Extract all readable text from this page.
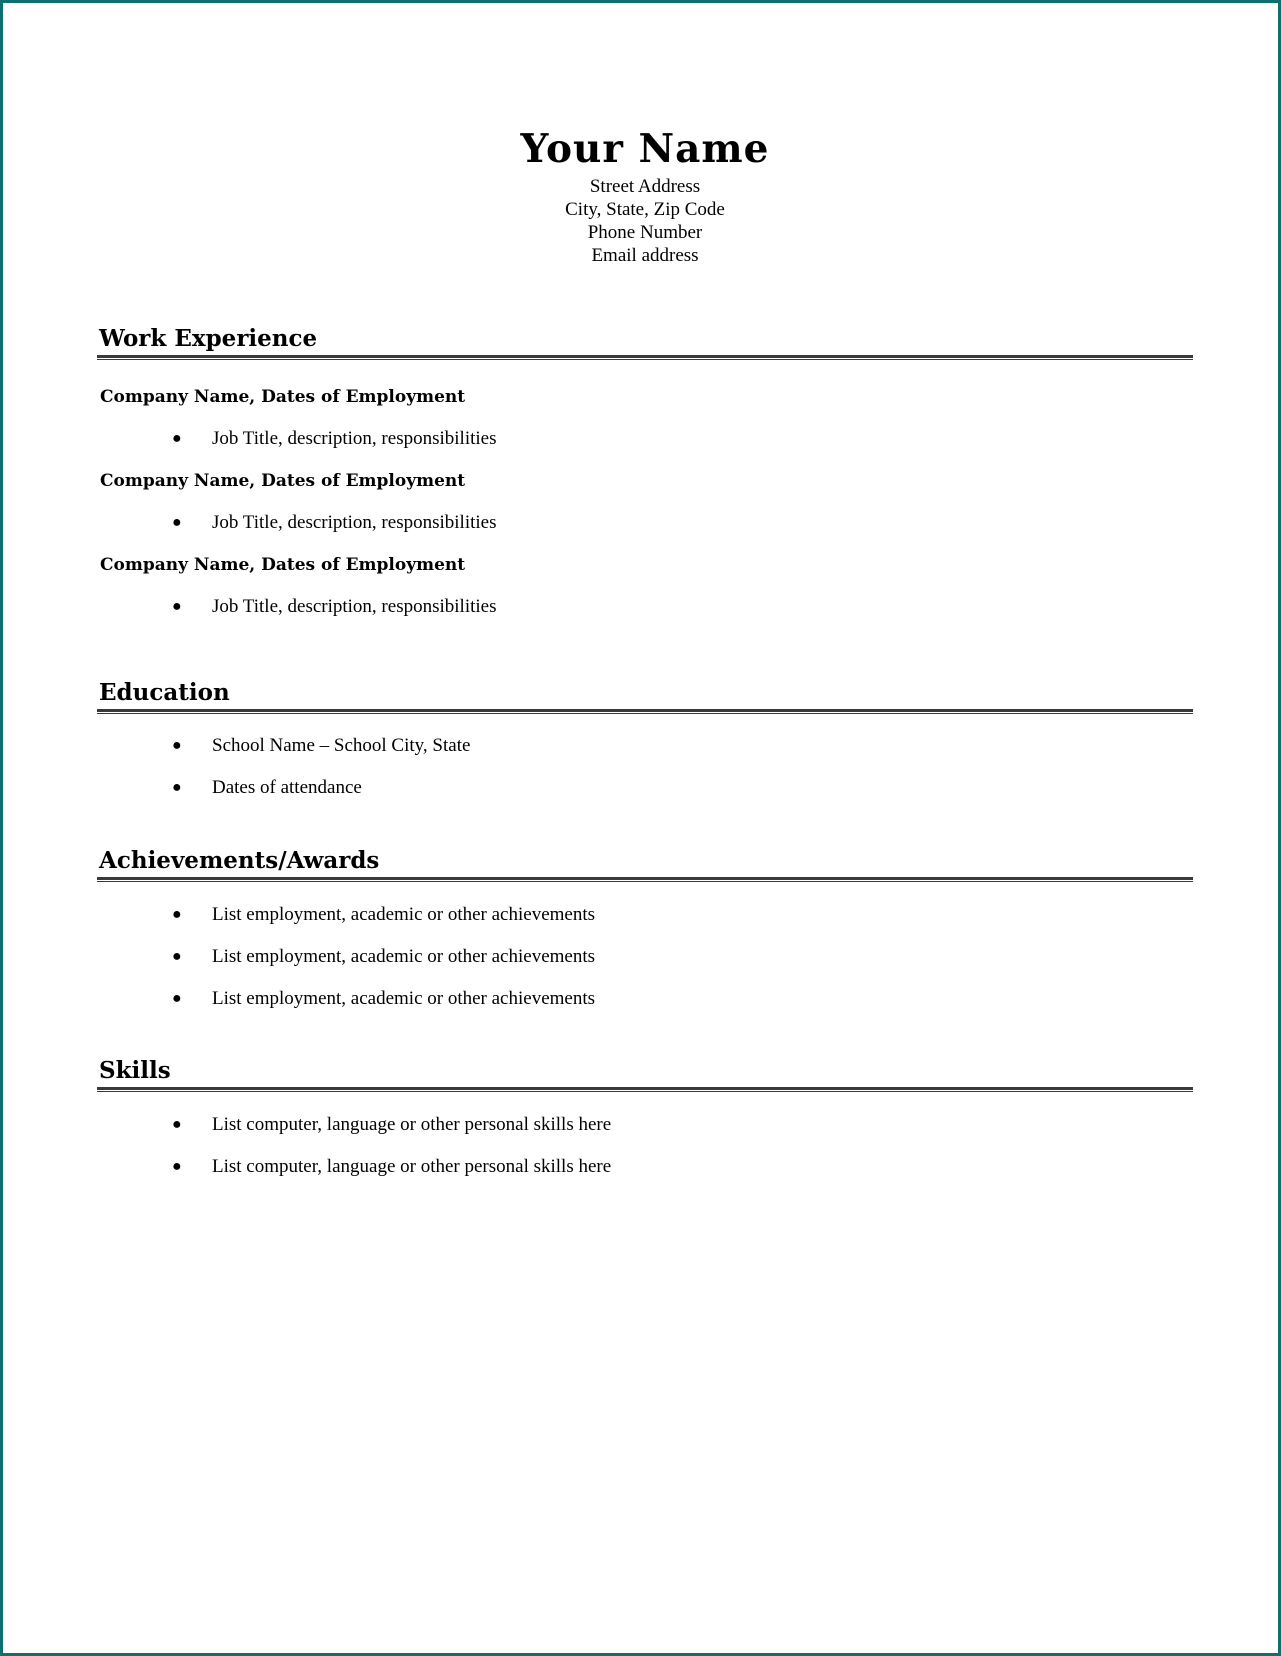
Your Name
Street Address
City, State, Zip Code
Phone Number
Email address
Work Experience
Company Name, Dates of Employment
●	Job Title, description, responsibilities
Company Name, Dates of Employment
●	Job Title, description, responsibilities
Company Name, Dates of Employment
●	Job Title, description, responsibilities
Education
●	School Name – School City, State
●	Dates of attendance
Achievements/Awards
●	List employment, academic or other achievements
●	List employment, academic or other achievements
●	List employment, academic or other achievements
Skills
●	List computer, language or other personal skills here
●	List computer, language or other personal skills here
